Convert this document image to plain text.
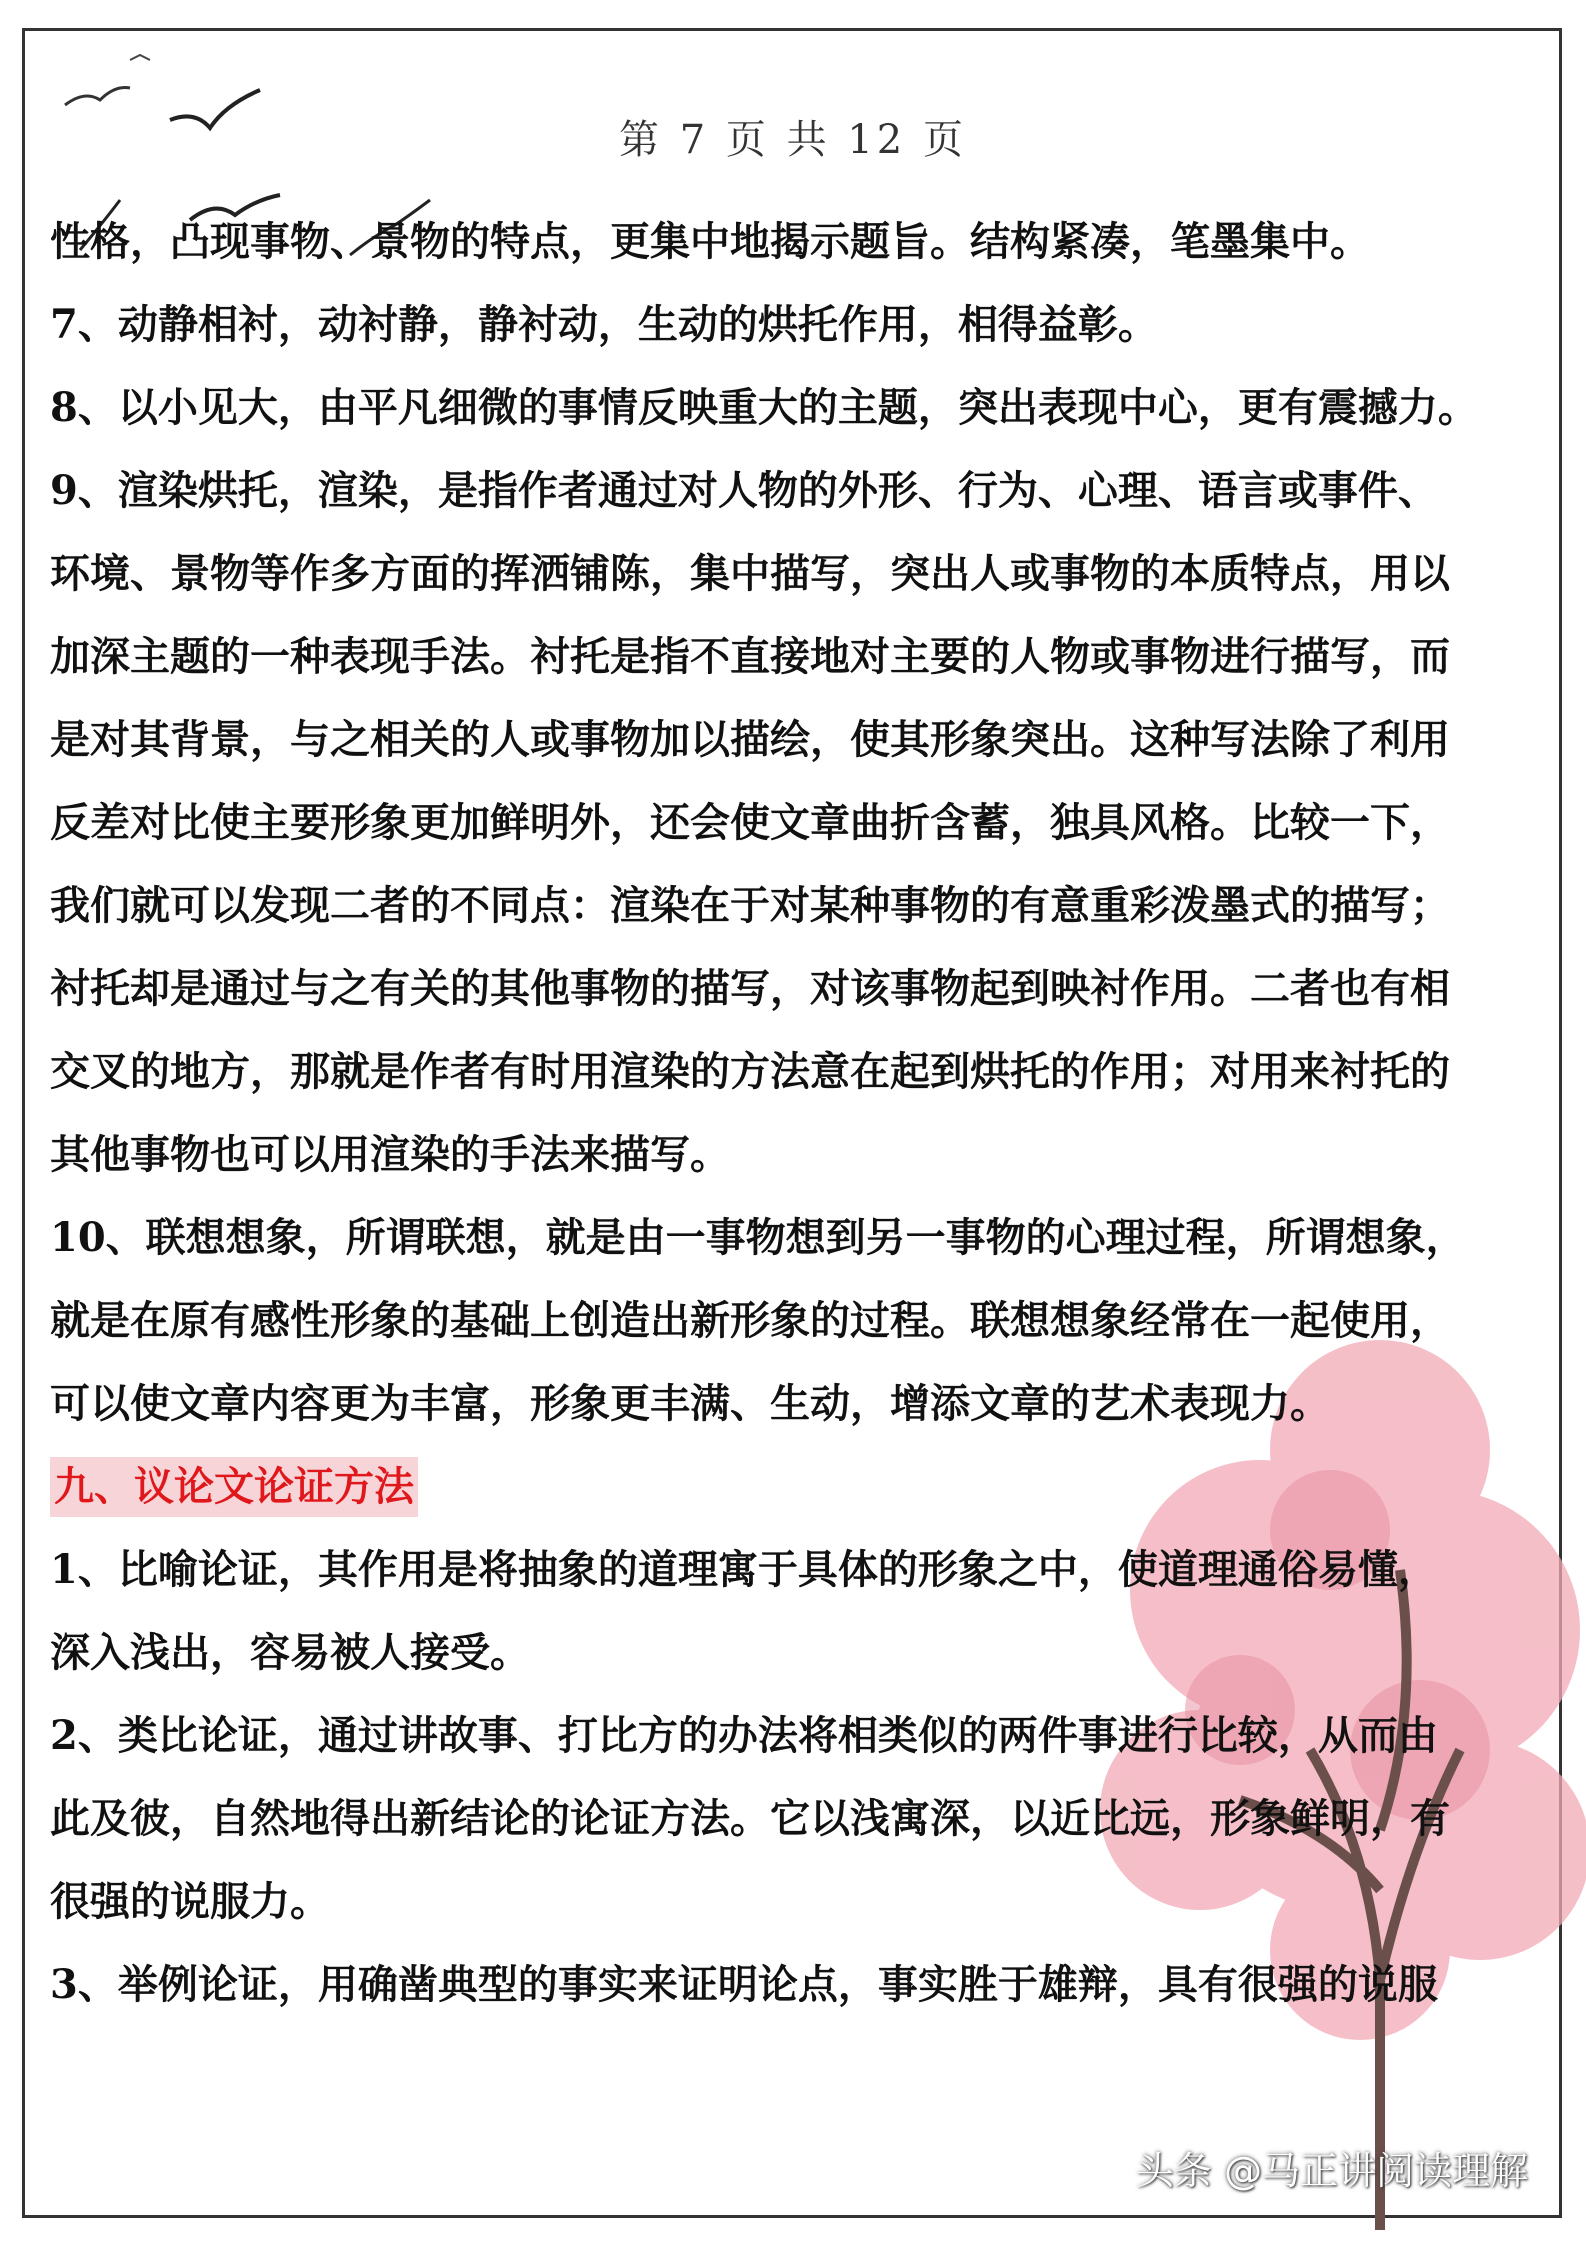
第 7 页 共 12 页

性格，凸现事物、景物的特点，更集中地揭示题旨。结构紧凑，笔墨集中。

7、动静相衬，动衬静，静衬动，生动的烘托作用，相得益彰。

8、以小见大，由平凡细微的事情反映重大的主题，突出表现中心，更有震撼力。

9、渲染烘托，渲染，是指作者通过对人物的外形、行为、心理、语言或事件、

环境、景物等作多方面的挥洒铺陈，集中描写，突出人或事物的本质特点，用以

加深主题的一种表现手法。衬托是指不直接地对主要的人物或事物进行描写，而

是对其背景，与之相关的人或事物加以描绘，使其形象突出。这种写法除了利用

反差对比使主要形象更加鲜明外，还会使文章曲折含蓄，独具风格。比较一下，

我们就可以发现二者的不同点：渲染在于对某种事物的有意重彩泼墨式的描写；

衬托却是通过与之有关的其他事物的描写，对该事物起到映衬作用。二者也有相

交叉的地方，那就是作者有时用渲染的方法意在起到烘托的作用；对用来衬托的

其他事物也可以用渲染的手法来描写。

10、联想想象，所谓联想，就是由一事物想到另一事物的心理过程，所谓想象，

就是在原有感性形象的基础上创造出新形象的过程。联想想象经常在一起使用，

可以使文章内容更为丰富，形象更丰满、生动，增添文章的艺术表现力。

九、议论文论证方法

1、比喻论证，其作用是将抽象的道理寓于具体的形象之中，使道理通俗易懂，

深入浅出，容易被人接受。

2、类比论证，通过讲故事、打比方的办法将相类似的两件事进行比较，从而由

此及彼，自然地得出新结论的论证方法。它以浅寓深，以近比远，形象鲜明，有

很强的说服力。

3、举例论证，用确凿典型的事实来证明论点，事实胜于雄辩，具有很强的说服

头条 @马正讲阅读理解
